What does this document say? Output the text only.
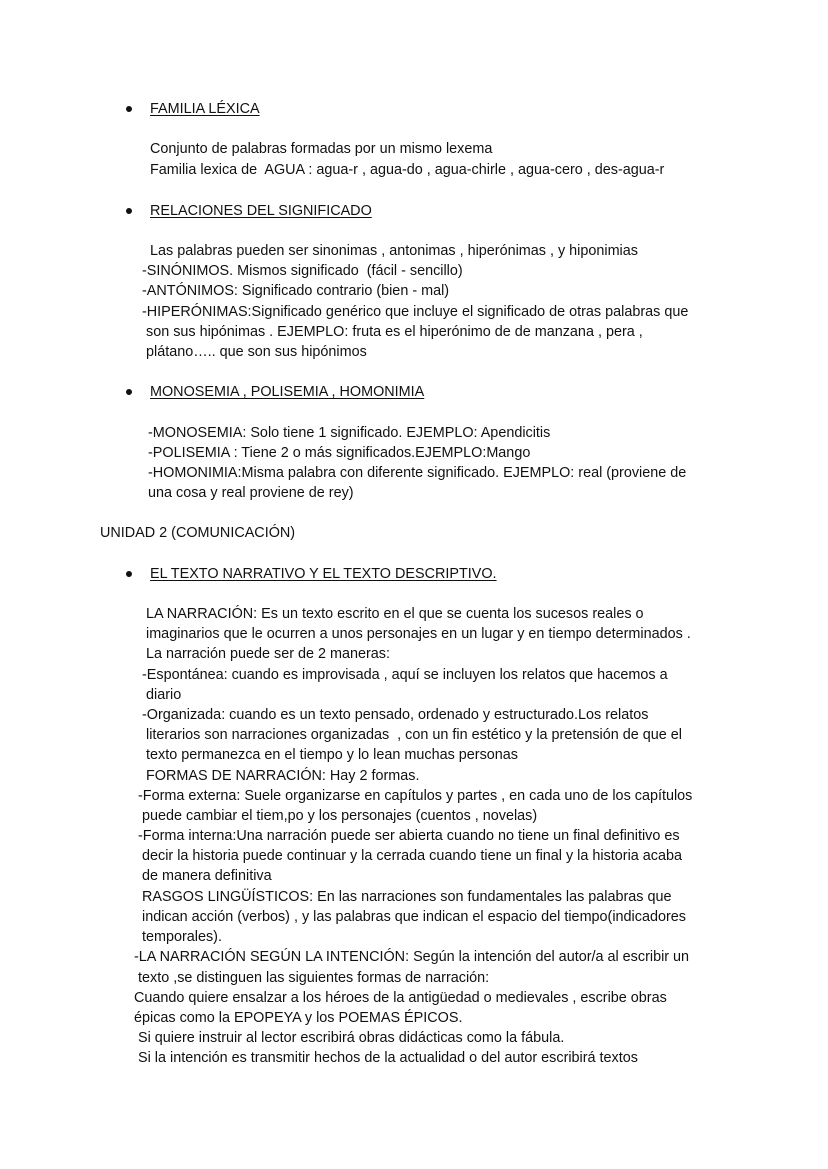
FAMILIA LÉXICA
Conjunto de palabras formadas por un mismo lexema
Familia lexica de  AGUA : agua-r , agua-do , agua-chirle , agua-cero , des-agua-r
RELACIONES DEL SIGNIFICADO
Las palabras pueden ser sinonimas , antonimas , hiperónimas , y hiponimias
-SINÓNIMOS. Mismos significado  (fácil - sencillo)
-ANTÓNIMOS: Significado contrario (bien - mal)
-HIPERÓNIMAS:Significado genérico que incluye el significado de otras palabras que
son sus hipónimas . EJEMPLO: fruta es el hiperónimo de de manzana , pera ,
plátano….. que son sus hipónimos
MONOSEMIA , POLISEMIA , HOMONIMIA
-MONOSEMIA: Solo tiene 1 significado. EJEMPLO: Apendicitis
-POLISEMIA : Tiene 2 o más significados.EJEMPLO:Mango
-HOMONIMIA:Misma palabra con diferente significado. EJEMPLO: real (proviene de
una cosa y real proviene de rey)
UNIDAD 2 (COMUNICACIÓN)
EL TEXTO NARRATIVO Y EL TEXTO DESCRIPTIVO.
LA NARRACIÓN: Es un texto escrito en el que se cuenta los sucesos reales o
imaginarios que le ocurren a unos personajes en un lugar y en tiempo determinados .
La narración puede ser de 2 maneras:
-Espontánea: cuando es improvisada , aquí se incluyen los relatos que hacemos a
diario
-Organizada: cuando es un texto pensado, ordenado y estructurado.Los relatos
literarios son narraciones organizadas  , con un fin estético y la pretensión de que el
texto permanezca en el tiempo y lo lean muchas personas
FORMAS DE NARRACIÓN: Hay 2 formas.
-Forma externa: Suele organizarse en capítulos y partes , en cada uno de los capítulos
puede cambiar el tiem,po y los personajes (cuentos , novelas)
-Forma interna:Una narración puede ser abierta cuando no tiene un final definitivo es
decir la historia puede continuar y la cerrada cuando tiene un final y la historia acaba
de manera definitiva
RASGOS LINGÜÍSTICOS: En las narraciones son fundamentales las palabras que
indican acción (verbos) , y las palabras que indican el espacio del tiempo(indicadores
temporales).
-LA NARRACIÓN SEGÚN LA INTENCIÓN: Según la intención del autor/a al escribir un
texto ,se distinguen las siguientes formas de narración:
Cuando quiere ensalzar a los héroes de la antigüedad o medievales , escribe obras
épicas como la EPOPEYA y los POEMAS ÉPICOS.
Si quiere instruir al lector escribirá obras didácticas como la fábula.
Si la intención es transmitir hechos de la actualidad o del autor escribirá textos
